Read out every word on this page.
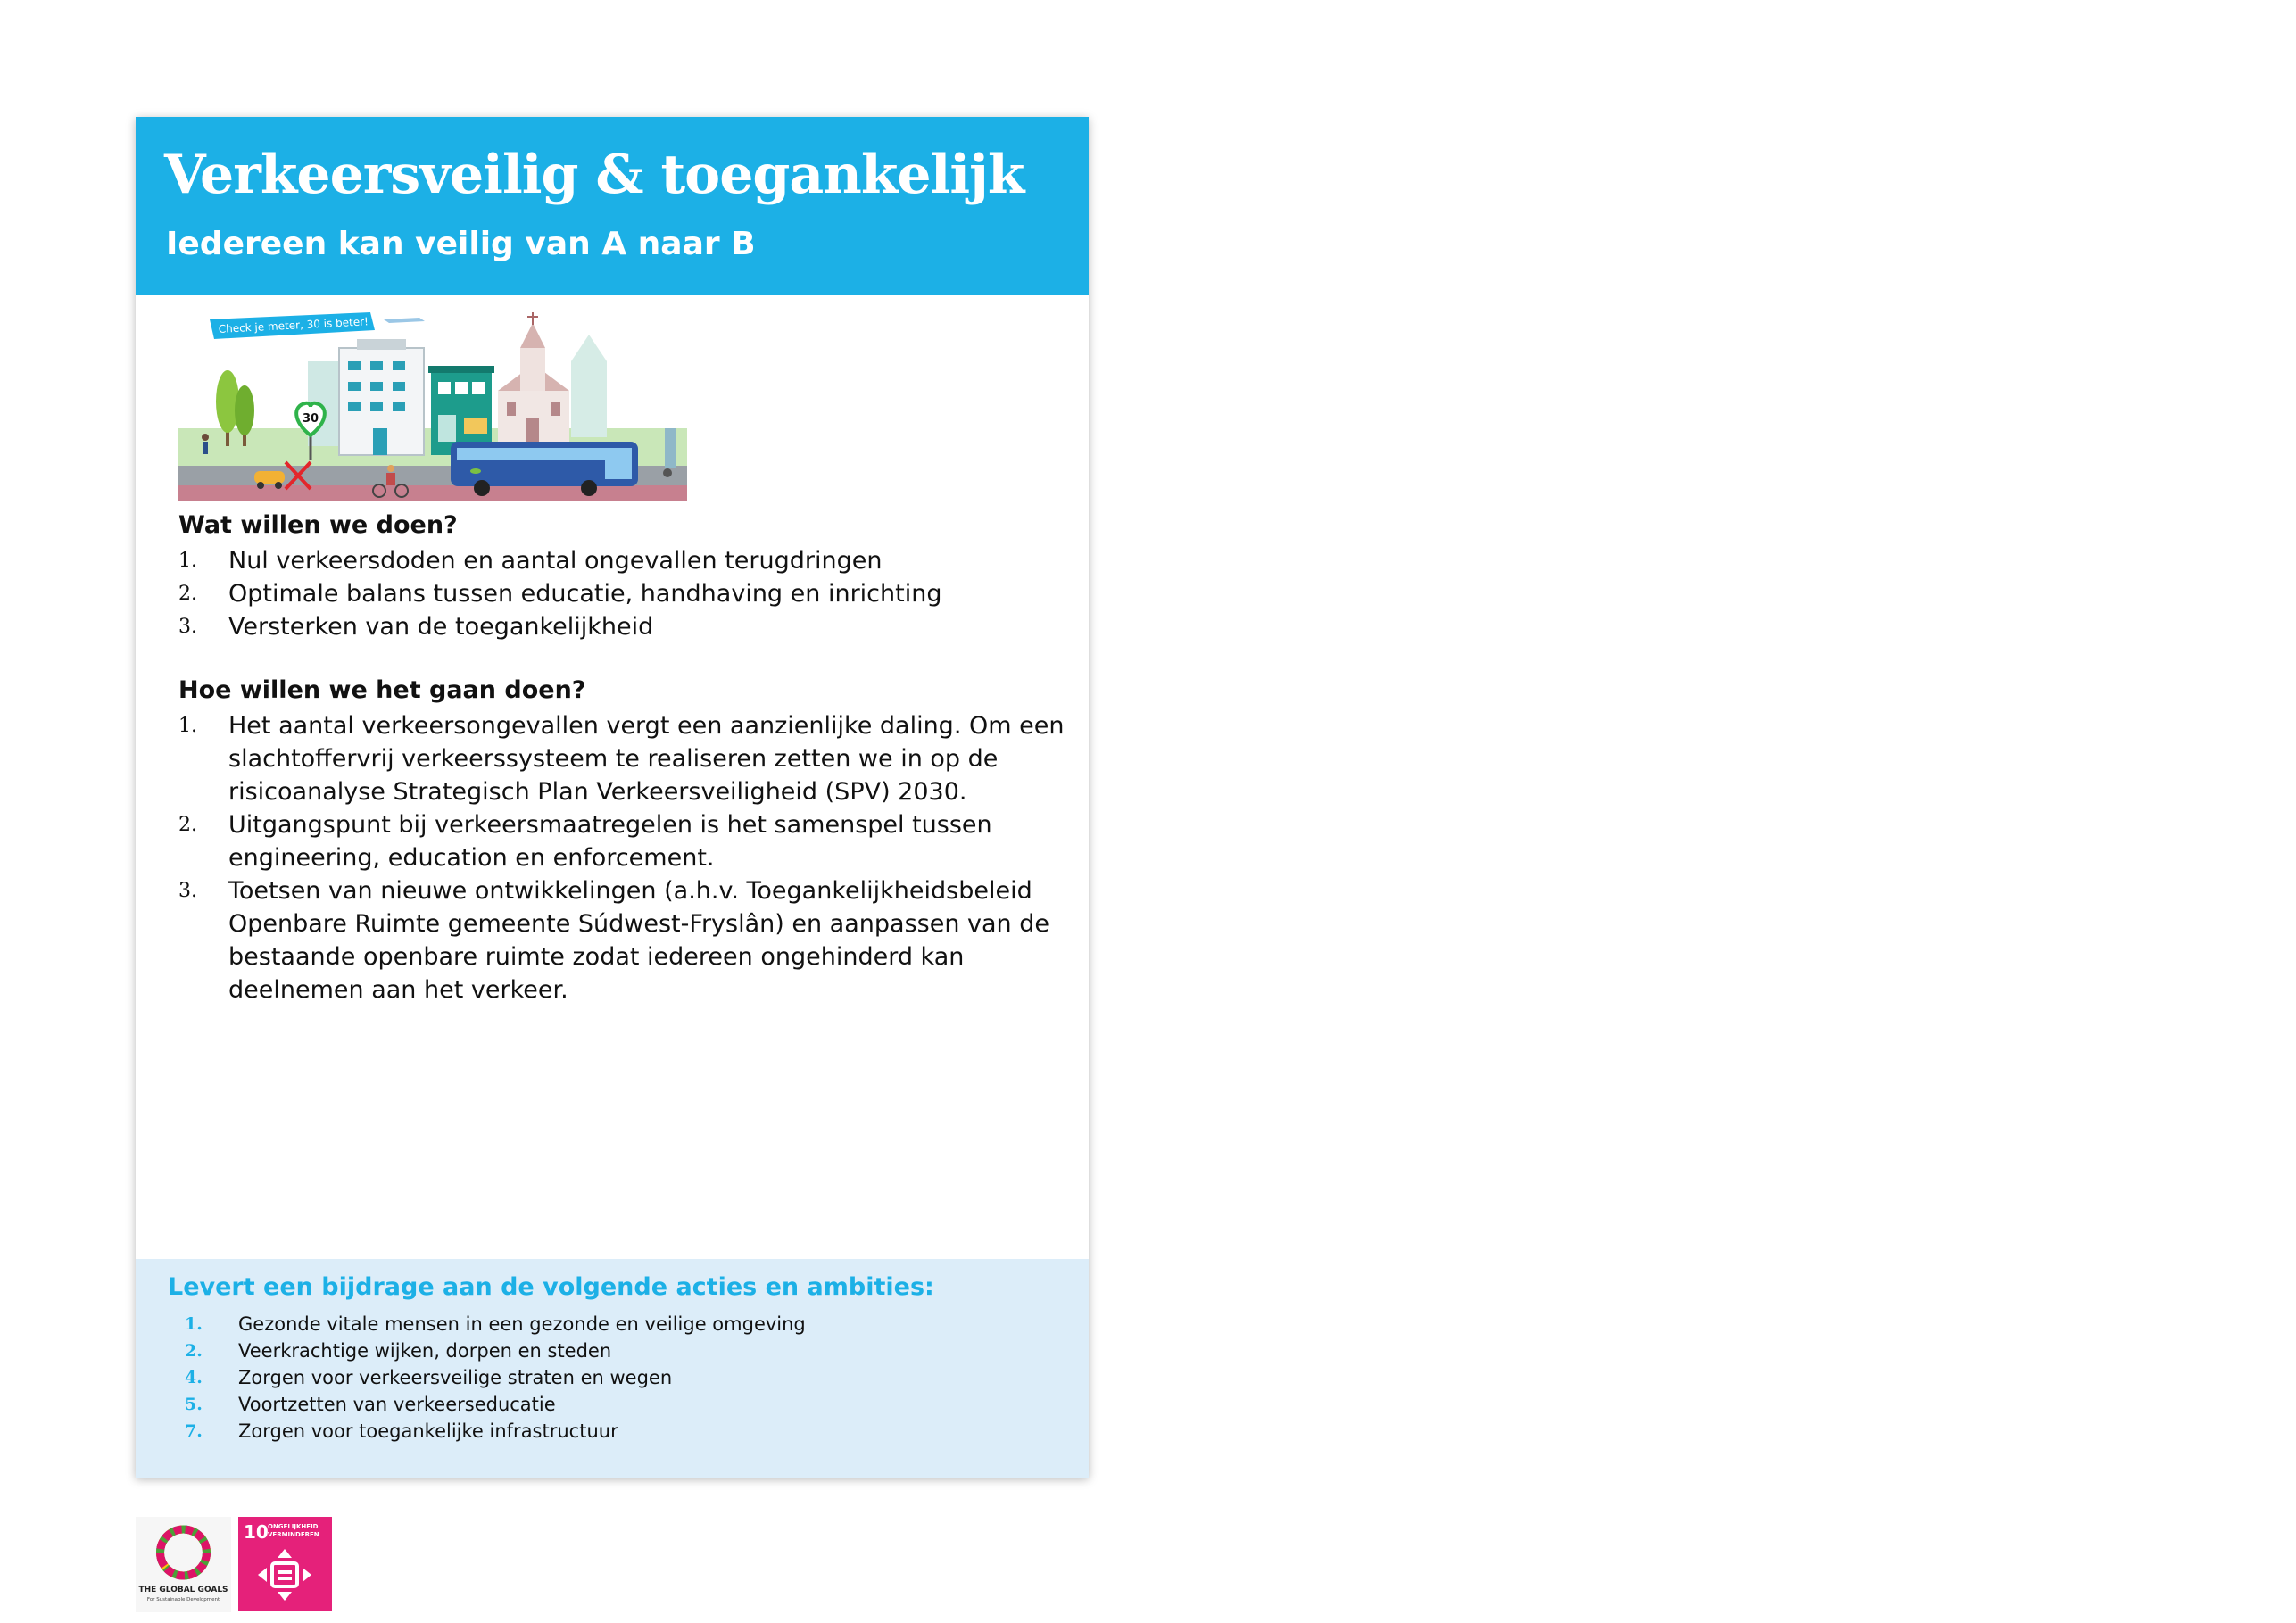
Verkeersveilig & toegankelijk
Iedereen kan veilig van A naar B
30
Check je meter, 30 is beter!
Wat willen we doen?
1. Nul verkeersdoden en aantal ongevallen terugdringen
2. Optimale balans tussen educatie, handhaving en inrichting
3. Versterken van de toegankelijkheid
Hoe willen we het gaan doen?
1. Het aantal verkeersongevallen vergt een aanzienlijke daling. Om een slachtoffervrij verkeerssysteem te realiseren zetten we in op de risicoanalyse Strategisch Plan Verkeersveiligheid (SPV) 2030.
2. Uitgangspunt bij verkeersmaatregelen is het samenspel tussen engineering, education en enforcement.
3. Toetsen van nieuwe ontwikkelingen (a.h.v. Toegankelijkheidsbeleid Openbare Ruimte gemeente Súdwest-Fryslân) en aanpassen van de bestaande openbare ruimte zodat iedereen ongehinderd kan deelnemen aan het verkeer.
Levert een bijdrage aan de volgende acties en ambities:
1. Gezonde vitale mensen in een gezonde en veilige omgeving
2. Veerkrachtige wijken, dorpen en steden
4. Zorgen voor verkeersveilige straten en wegen
5. Voortzetten van verkeerseducatie
7. Zorgen voor toegankelijke infrastructuur
THE GLOBAL GOALS
For Sustainable Development
10 ONGELIJKHEID
VERMINDEREN
